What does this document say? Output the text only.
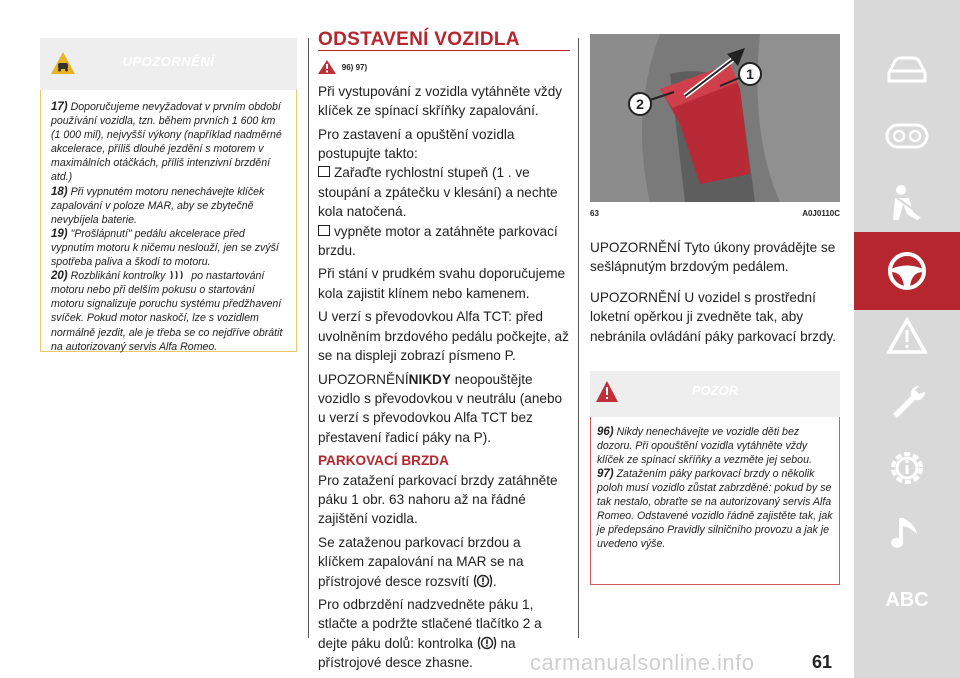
UPOZORNĚNÍ
17) Doporučujeme nevyžadovat v prvním období používání vozidla, tzn. během prvních 1 600 km (1 000 mil), nejvyšší výkony (například nadměrné akcelerace, příliš dlouhé jezdění s motorem v maximálních otáčkách, příliš intenzivní brzdění atd.)
18) Při vypnutém motoru nenechávejte klíček zapalování v poloze MAR, aby se zbytečně nevybíjela baterie.
19) "Prošlápnutí" pedálu akcelerace před vypnutím motoru k ničemu neslouží, jen se zvýší spotřeba paliva a škodí to motoru.
20) Rozblikání kontrolky po nastartování motoru nebo při delším pokusu o startování motoru signalizuje poruchu systému předžhavení svíček. Pokud motor naskočí, lze s vozidlem normálně jezdit, ale je třeba se co nejdříve obrátit na autorizovaný servis Alfa Romeo.
ODSTAVENÍ VOZIDLA
$^{96) 97)}$

Při vystupování z vozidla vytáhněte vždy klíček ze spínací skříňky zapalování.

Pro zastavení a opuštění vozidla postupujte takto:

Zařaďte rychlostní stupeň (1 . ve stoupání a zpátečku v klesání) a nechte kola natočená.
vypněte motor a zatáhněte parkovací brzdu.

Při stání v prudkém svahu doporučujeme kola zajistit klínem nebo kamenem.

U verzí s převodovkou Alfa TCT: před uvolněním brzdového pedálu počkejte, až se na displeji zobrazí písmeno P.

UPOZORNĚNÍNIKDY neopouštějte vozidlo s převodovkou v neutrálu (anebo u verzí s převodovkou Alfa TCT bez přestavení řadicí páky na P).

PARKOVACÍ BRZDA

Pro zatažení parkovací brzdy zatáhněte páku 1 obr. 63 nahoru až na řádné zajištění vozidla.

Se zataženou parkovací brzdou a klíčkem zapalování na MAR se na přístrojové desce rozsvítí .

Pro odbrzdění nadzvedněte páku 1, stlačte a podržte stlačené tlačítko 2 a dejte páku dolů: kontrolka na přístrojové desce zhasne.

1
2
63	A0J0110C

UPOZORNĚNÍ Tyto úkony provádějte se sešlápnutým brzdovým pedálem.

UPOZORNĚNÍ U vozidel s prostřední loketní opěrkou ji zvedněte tak, aby nebránila ovládání páky parkovací brzdy.

POZOR
96) Nikdy nenechávejte ve vozidle děti bez dozoru. Při opouštění vozidla vytáhněte vždy klíček ze spínací skříňky a vezměte jej sebou.
97) Zatažením páky parkovací brzdy o několik poloh musí vozidlo zůstat zabrzděné: pokud by se tak nestalo, obraťte se na autorizovaný servis Alfa Romeo. Odstavené vozidlo řádně zajistěte tak, jak je předepsáno Pravidly silničního provozu a jak je uvedeno výše.
ABC
carmanualsonline.info	61
